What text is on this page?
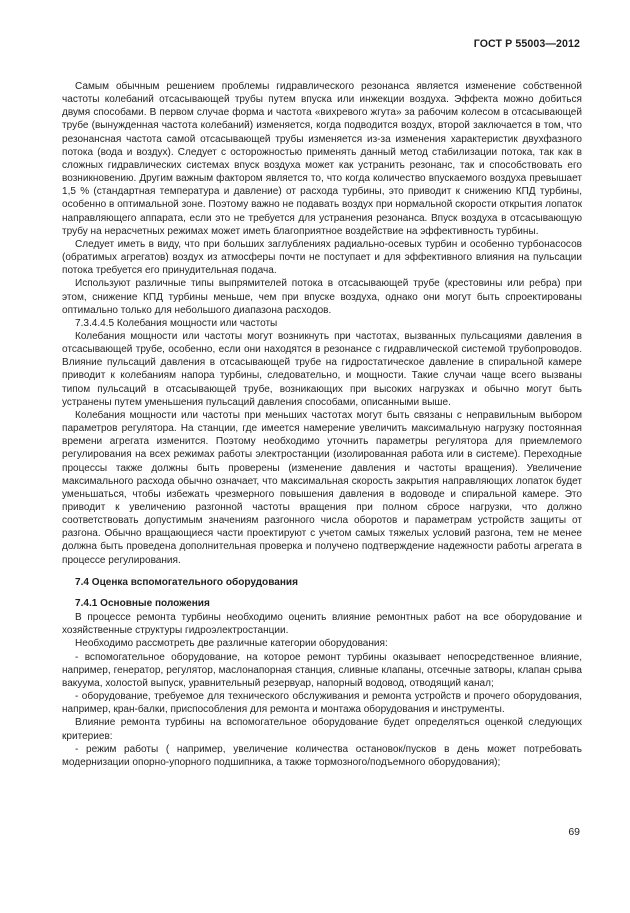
ГОСТ Р 55003—2012

Самым обычным решением проблемы гидравлического резонанса является изменение собственной частоты колебаний отсасывающей трубы путем впуска или инжекции воздуха. Эффекта можно добиться двумя способами. В первом случае форма и частота «вихревого жгута» за рабочим колесом в отсасывающей трубе (вынужденная частота колебаний) изменяется, когда подводится воздух, второй заключается в том, что резонансная частота самой отсасывающей трубы изменяется из-за изменения характеристик двухфазного потока (вода и воздух). Следует с осторожностью применять данный метод стабилизации потока, так как в сложных гидравлических системах впуск воздуха может как устранить резонанс, так и способствовать его возникновению. Другим важным фактором является то, что когда количество впускаемого воздуха превышает 1,5 % (стандартная температура и давление) от расхода турбины, это приводит к снижению КПД турбины, особенно в оптимальной зоне. Поэтому важно не подавать воздух при нормальной скорости открытия лопаток направляющего аппарата, если это не требуется для устранения резонанса. Впуск воздуха в отсасывающую трубу на нерасчетных режимах может иметь благоприятное воздействие на эффективность турбины.

Следует иметь в виду, что при больших заглублениях радиально-осевых турбин и особенно турбонасосов (обратимых агрегатов) воздух из атмосферы почти не поступает и для эффективного влияния на пульсации потока требуется его принудительная подача.

Используют различные типы выпрямителей потока в отсасывающей трубе (крестовины или ребра) при этом, снижение КПД турбины меньше, чем при впуске воздуха, однако они могут быть спроектированы оптимально только для небольшого диапазона расходов.

7.3.4.4.5 Колебания мощности или частоты

Колебания мощности или частоты могут возникнуть при частотах, вызванных пульсациями давления в отсасывающей трубе, особенно, если они находятся в резонансе с гидравлической системой трубопроводов. Влияние пульсаций давления в отсасывающей трубе на гидростатическое давление в спиральной камере приводит к колебаниям напора турбины, следовательно, и мощности. Такие случаи чаще всего вызваны типом пульсаций в отсасывающей трубе, возникающих при высоких нагрузках и обычно могут быть устранены путем уменьшения пульсаций давления способами, описанными выше.

Колебания мощности или частоты при меньших частотах могут быть связаны с неправильным выбором параметров регулятора. На станции, где имеется намерение увеличить максимальную нагрузку постоянная времени агрегата изменится. Поэтому необходимо уточнить параметры регулятора для приемлемого регулирования на всех режимах работы электростанции (изолированная работа или в системе). Переходные процессы также должны быть проверены (изменение давления и частоты вращения). Увеличение максимального расхода обычно означает, что максимальная скорость закрытия направляющих лопаток будет уменьшаться, чтобы избежать чрезмерного повышения давления в водоводе и спиральной камере. Это приводит к увеличению разгонной частоты вращения при полном сбросе нагрузки, что должно соответствовать допустимым значениям разгонного числа оборотов и параметрам устройств защиты от разгона. Обычно вращающиеся части проектируют с учетом самых тяжелых условий разгона, тем не менее должна быть проведена дополнительная проверка и получено подтверждение надежности работы агрегата в процессе регулирования.

7.4 Оценка вспомогательного оборудования

7.4.1 Основные положения

В процессе ремонта турбины необходимо оценить влияние ремонтных работ на все оборудование и хозяйственные структуры гидроэлектростанции.

Необходимо рассмотреть две различные категории оборудования:

- вспомогательное оборудование, на которое ремонт турбины оказывает непосредственное влияние, например, генератор, регулятор, маслонапорная станция, сливные клапаны, отсечные затворы, клапан срыва вакуума, холостой выпуск, уравнительный резервуар, напорный водовод, отводящий канал;

- оборудование, требуемое для технического обслуживания и ремонта устройств и прочего оборудования, например, кран-балки, приспособления для ремонта и монтажа оборудования и инструменты.

Влияние ремонта турбины на вспомогательное оборудование будет определяться оценкой следующих критериев:

- режим работы ( например, увеличение количества остановок/пусков в день может потребовать модернизации опорно-упорного подшипника, а также тормозного/подъемного оборудования);

69
